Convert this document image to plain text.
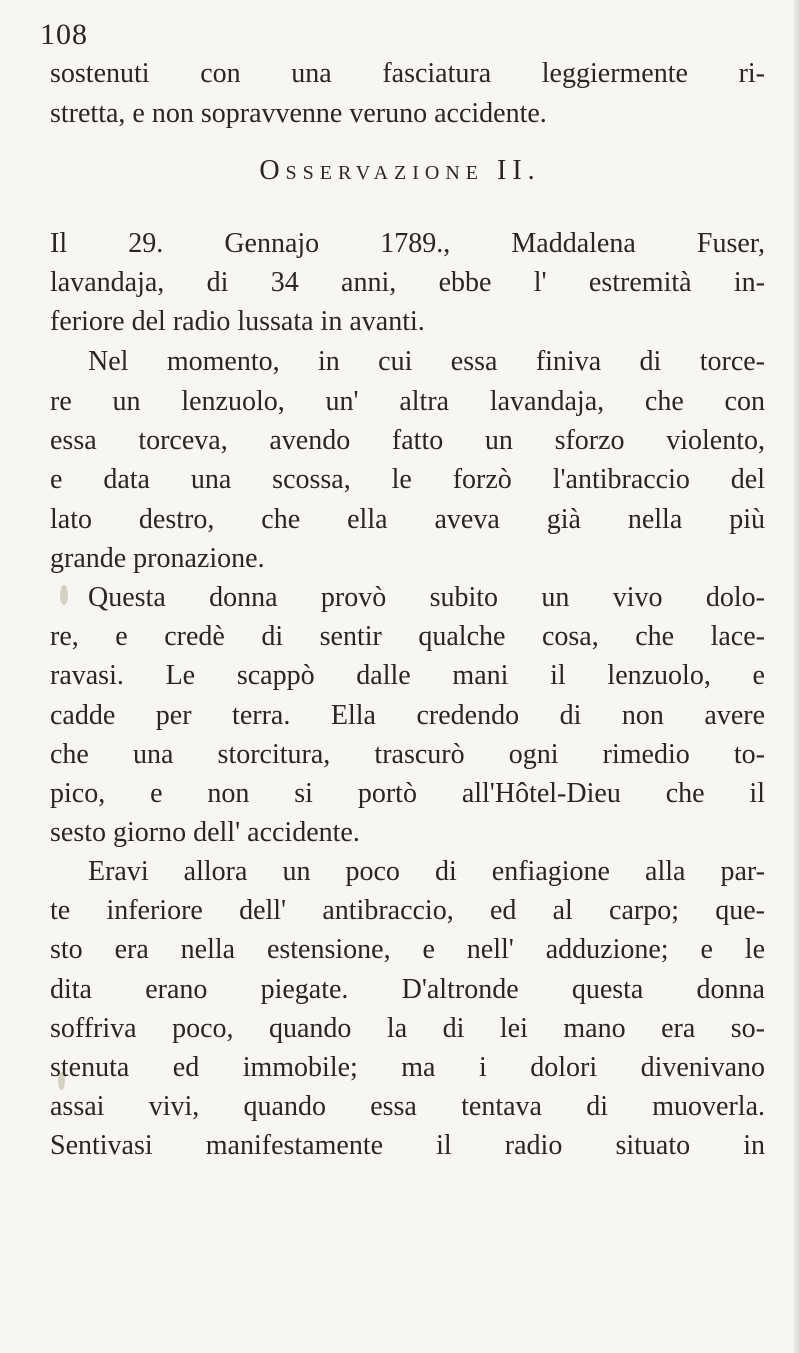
108
sostenuti con una fasciatura leggiermente ri-
stretta, e non sopravvenne veruno accidente.
Osservazione II.
Il 29. Gennajo 1789., Maddalena Fuser,
lavandaja, di 34 anni, ebbe l' estremità in-
feriore del radio lussata in avanti.
Nel momento, in cui essa finiva di torce-
re un lenzuolo, un' altra lavandaja, che con
essa torceva, avendo fatto un sforzo violento,
e data una scossa, le forzò l'antibraccio del
lato destro, che ella aveva già nella più
grande pronazione.
Questa donna provò subito un vivo dolo-
re, e credè di sentir qualche cosa, che lace-
ravasi. Le scappò dalle mani il lenzuolo, e
cadde per terra. Ella credendo di non avere
che una storcitura, trascurò ogni rimedio to-
pico, e non si portò all'Hôtel-Dieu che il
sesto giorno dell' accidente.
Eravi allora un poco di enfiagione alla par-
te inferiore dell' antibraccio, ed al carpo; que-
sto era nella estensione, e nell' adduzione; e le
dita erano piegate. D'altronde questa donna
soffriva poco, quando la di lei mano era so-
stenuta ed immobile; ma i dolori divenivano
assai vivi, quando essa tentava di muoverla.
Sentivasi manifestamente il radio situato in
